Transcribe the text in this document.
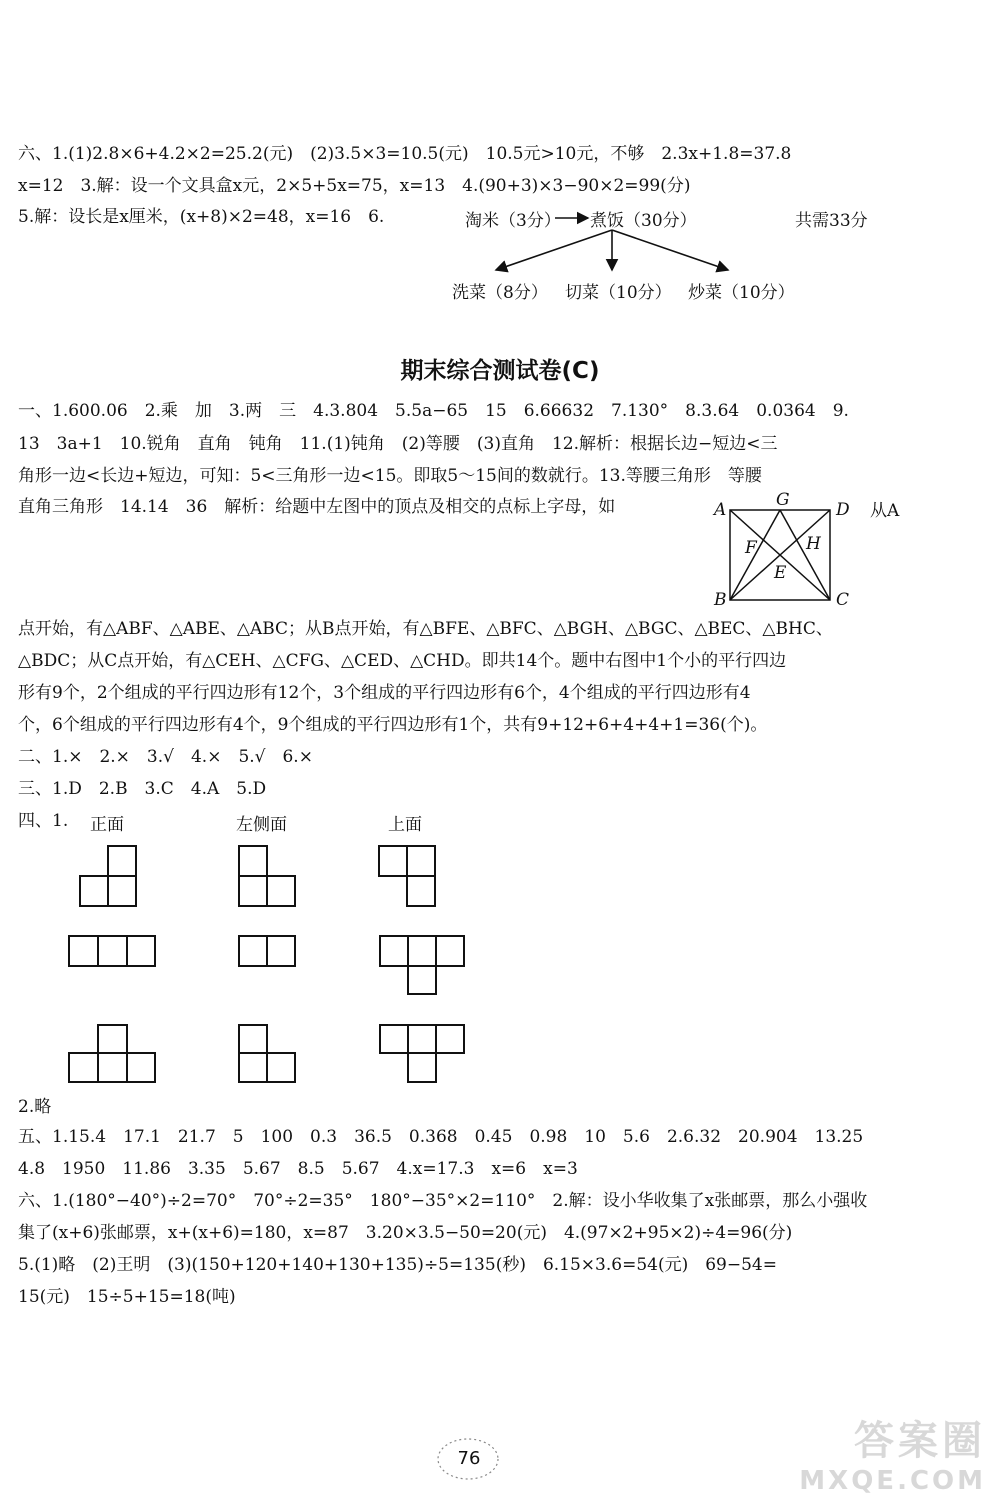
六、1.(1)2.8×6+4.2×2=25.2(元)　(2)3.5×3=10.5(元)　10.5元>10元，不够　2.3x+1.8=37.8
x=12　3.解：设一个文具盒x元，2×5+5x=75，x=13　4.(90+3)×3−90×2=99(分)
5.解：设长是x厘米，(x+8)×2=48，x=16　6.	淘米（3分） 煮饭（30分）	共需33分
洗菜（8分） 切菜（10分） 炒菜（10分）
期末综合测试卷(C)
一、1.600.06　2.乘　加　3.两　三　4.3.804　5.5a−65　15　6.66632　7.130°　8.3.64　0.0364　9.
13　3a+1　10.锐角　直角　钝角　11.(1)钝角　(2)等腰　(3)直角　12.解析：根据长边−短边<三
角形一边<长边+短边，可知：5<三角形一边<15。即取5～15间的数就行。13.等腰三角形　等腰
直角三角形　14.14　36　解析：给题中左图中的顶点及相交的点标上字母，如	从A
A	G	D
F	H
E
B	C
点开始，有△ABF、△ABE、△ABC；从B点开始，有△BFE、△BFC、△BGH、△BGC、△BEC、△BHC、
△BDC；从C点开始，有△CEH、△CFG、△CED、△CHD。即共14个。题中右图中1个小的平行四边
形有9个，2个组成的平行四边形有12个，3个组成的平行四边形有6个，4个组成的平行四边形有4
个，6个组成的平行四边形有4个，9个组成的平行四边形有1个，共有9+12+6+4+4+1=36(个)。
二、1.×　2.×　3.√　4.×　5.√　6.×
三、1.D　2.B　3.C　4.A　5.D
四、1. 正面	左侧面	上面
2.略
五、1.15.4　17.1　21.7　5　100　0.3　36.5　0.368　0.45　0.98　10　5.6　2.6.32　20.904　13.25
4.8　1950　11.86　3.35　5.67　8.5　5.67　4.x=17.3　x=6　x=3
六、1.(180°−40°)÷2=70°　70°÷2=35°　180°−35°×2=110°　2.解：设小华收集了x张邮票，那么小强收
集了(x+6)张邮票，x+(x+6)=180，x=87　3.20×3.5−50=20(元)　4.(97×2+95×2)÷4=96(分)
5.(1)略　(2)王明　(3)(150+120+140+130+135)÷5=135(秒)　6.15×3.6=54(元)　69−54=
15(元)　15÷5+15=18(吨)
76	答案圈
MXQE.COM
